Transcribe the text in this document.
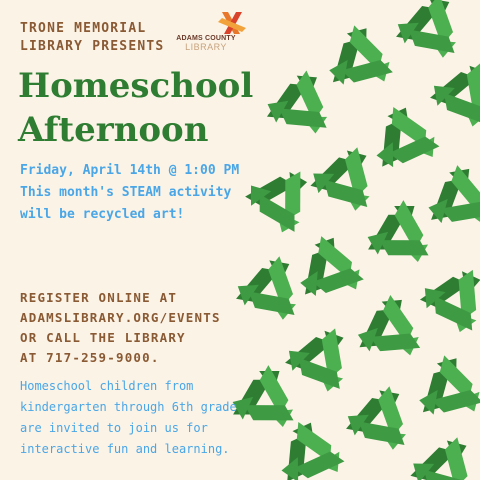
TRONE MEMORIAL
LIBRARY PRESENTS
ADAMS COUNTY
LIBRARY
Homeschool
Afternoon
Friday, April 14th @ 1:00 PM
This month's STEAM activity
will be recycled art!
REGISTER ONLINE AT
ADAMSLIBRARY.ORG/EVENTS
OR CALL THE LIBRARY
AT 717-259-9000.
Homeschool children from
kindergarten through 6th grade
are invited to join us for
interactive fun and learning.
